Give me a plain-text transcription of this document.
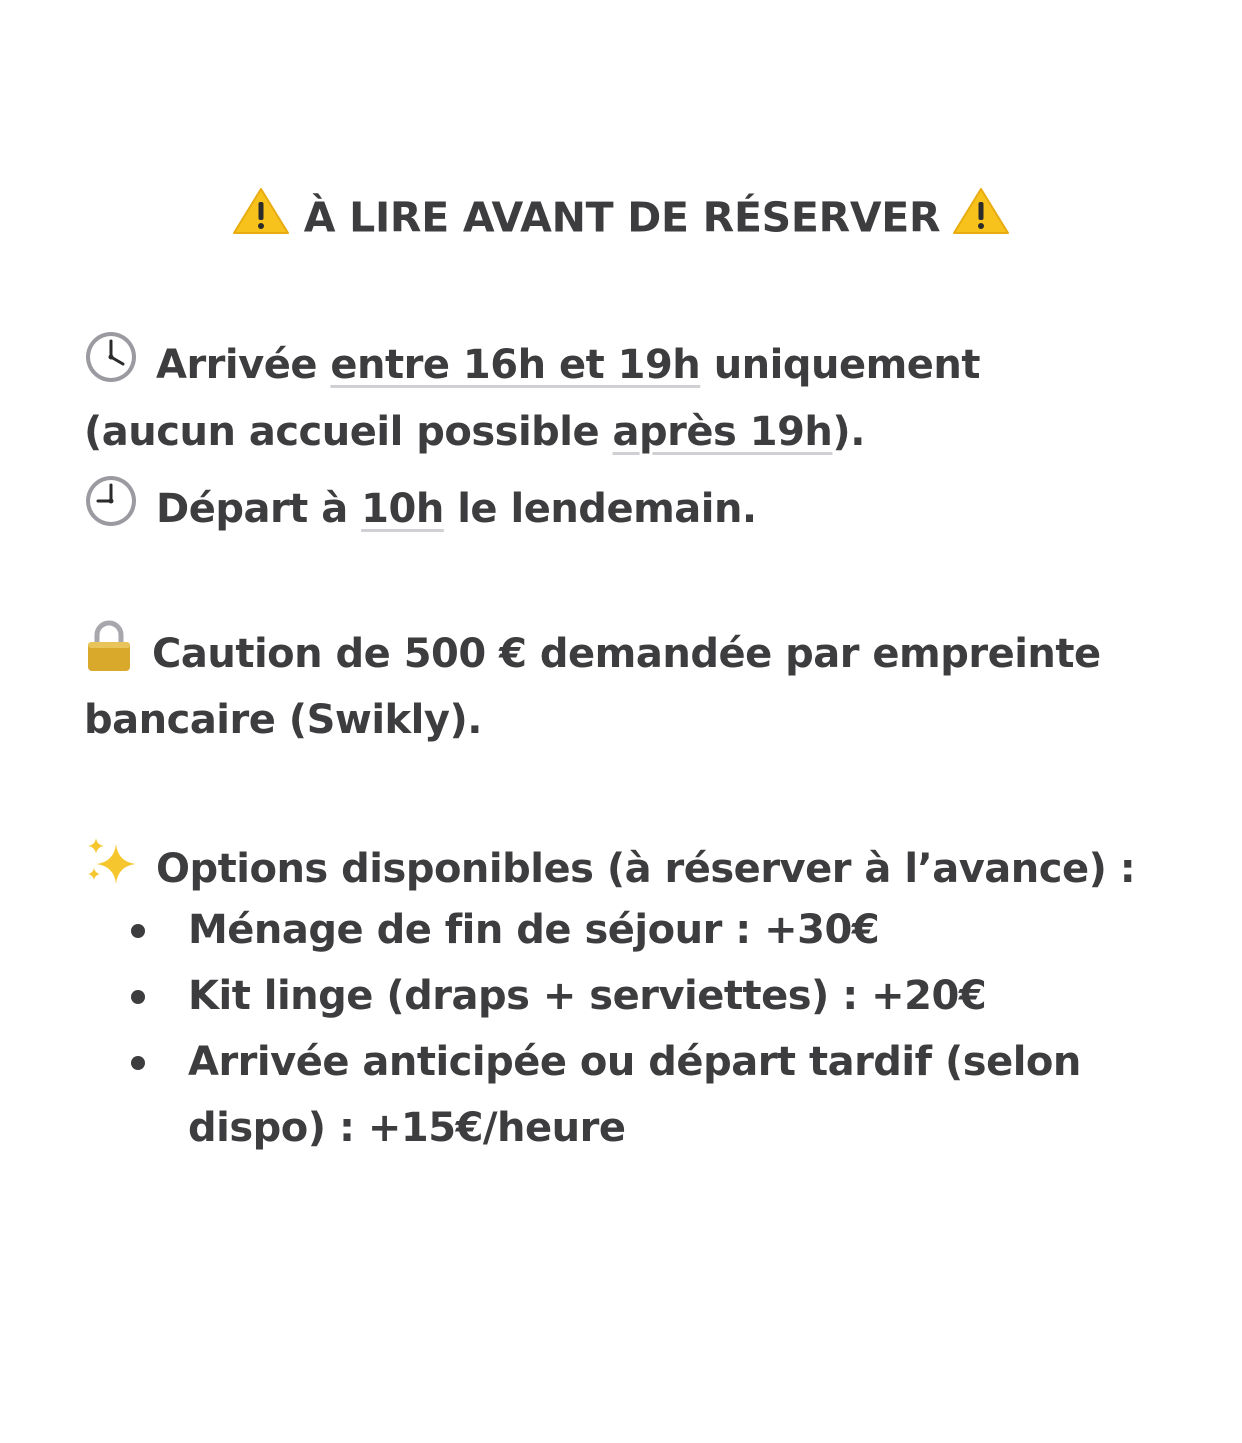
À LIRE AVANT DE RÉSERVER
Arrivée entre 16h et 19h uniquement
(aucun accueil possible après 19h).
Départ à 10h le lendemain.
Caution de 500 € demandée par empreinte
bancaire (Swikly).
Options disponibles (à réserver à l’avance) :
Ménage de fin de séjour : +30€
Kit linge (draps + serviettes) : +20€
Arrivée anticipée ou départ tardif (selon
dispo) : +15€/heure
